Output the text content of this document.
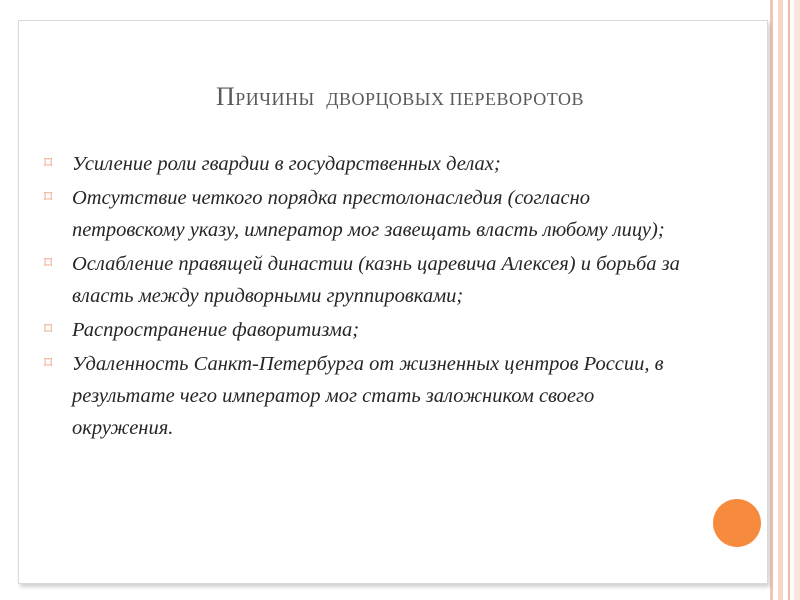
ПРИЧИНЫ ДВОРЦОВЫХ ПЕРЕВОРОТОВ
⌑ Усиление роли гвардии в государственных делах;
⌑ Отсутствие четкого порядка престолонаследия (согласно петровскому указу, император мог завещать власть любому лицу);
⌑ Ослабление правящей династии (казнь царевича Алексея) и борьба за власть между придворными группировками;
⌑ Распространение фаворитизма;
⌑ Удаленность Санкт-Петербурга от жизненных центров России, в результате чего император мог стать заложником своего окружения.
